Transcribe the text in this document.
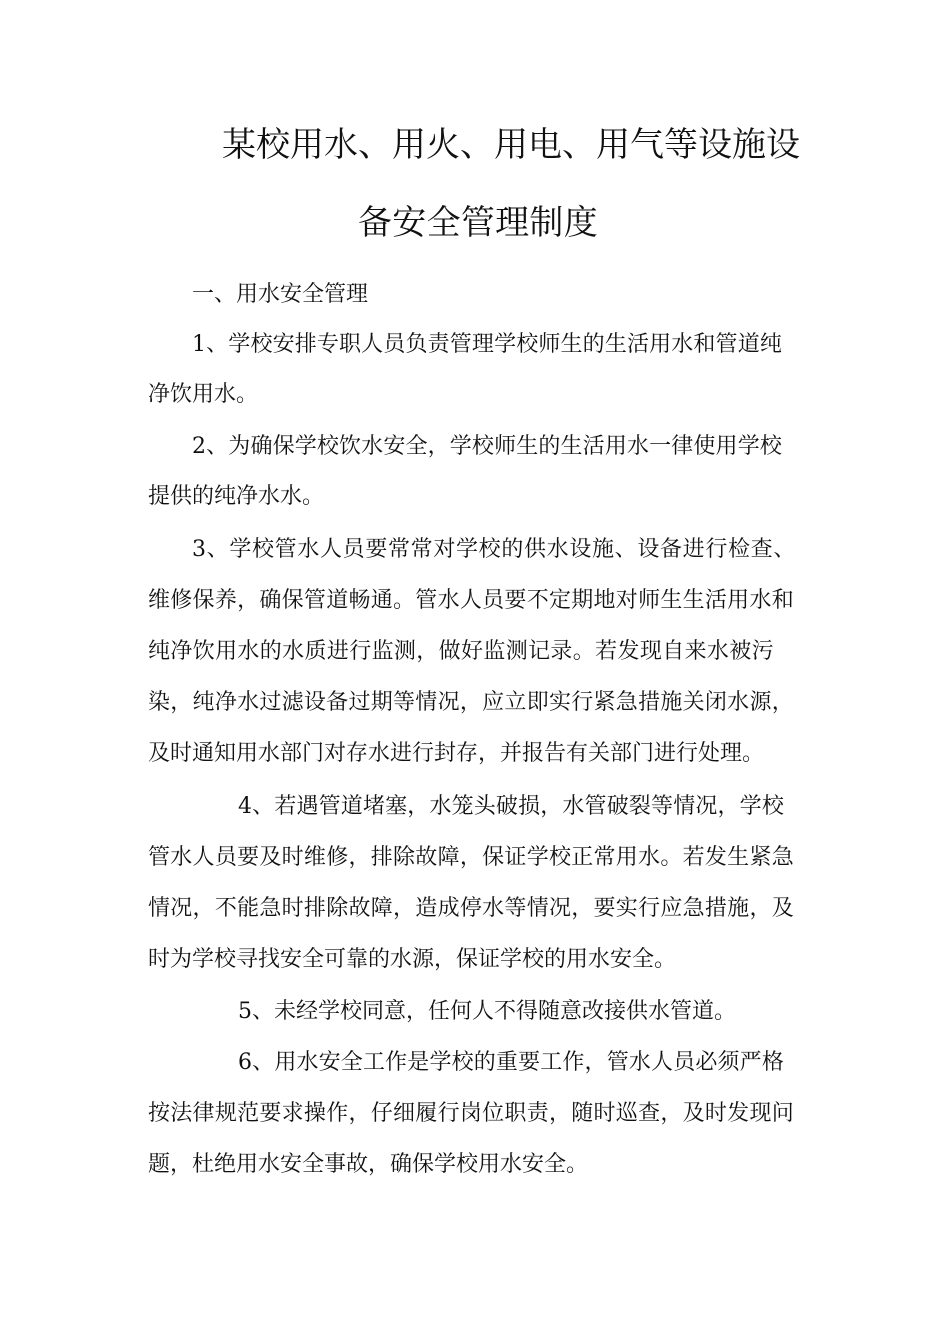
某校用水、用火、用电、用气等设施设
备安全管理制度
一、用水安全管理
1、学校安排专职人员负责管理学校师生的生活用水和管道纯
净饮用水。
2、为确保学校饮水安全，学校师生的生活用水一律使用学校
提供的纯净水水。
3、学校管水人员要常常对学校的供水设施、设备进行检查、
维修保养，确保管道畅通。管水人员要不定期地对师生生活用水和
纯净饮用水的水质进行监测，做好监测记录。若发现自来水被污
染，纯净水过滤设备过期等情况，应立即实行紧急措施关闭水源，
及时通知用水部门对存水进行封存，并报告有关部门进行处理。
4、若遇管道堵塞，水笼头破损，水管破裂等情况，学校
管水人员要及时维修，排除故障，保证学校正常用水。若发生紧急
情况，不能急时排除故障，造成停水等情况，要实行应急措施，及
时为学校寻找安全可靠的水源，保证学校的用水安全。
5、未经学校同意，任何人不得随意改接供水管道。
6、用水安全工作是学校的重要工作，管水人员必须严格
按法律规范要求操作，仔细履行岗位职责，随时巡查，及时发现问
题，杜绝用水安全事故，确保学校用水安全。
